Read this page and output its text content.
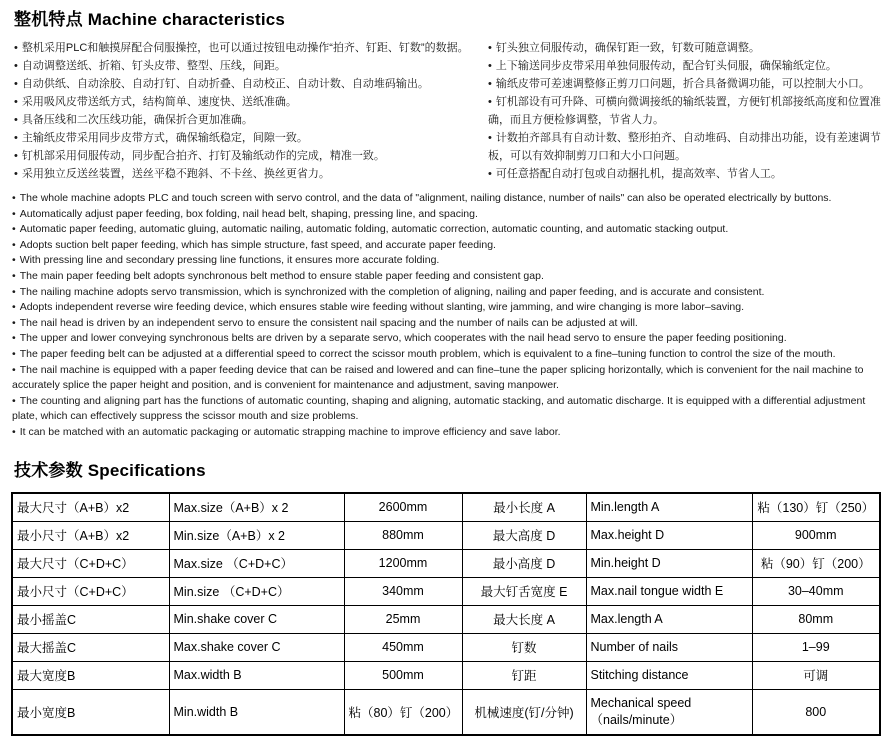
整机特点 Machine characteristics
• 整机采用PLC和触摸屏配合伺服操控，也可以通过按钮电动操作“拍齐、钉距、钉数”的数据。
• 自动调整送纸、折箱、钉头皮带、整型、压线，间距。
• 自动供纸、自动涂胶、自动打钉、自动折叠、自动校正、自动计数、自动堆码输出。
• 采用吸风皮带送纸方式，结构简单、速度快、送纸准确。
• 具备压线和二次压线功能，确保折合更加准确。
• 主输纸皮带采用同步皮带方式，确保输纸稳定，间隙一致。
• 钉机部采用伺服传动，同步配合拍齐、打钉及输纸动作的完成，精准一致。
• 采用独立反送丝装置，送丝平稳不跑斜、不卡丝、换丝更省力。
• 钉头独立伺服传动，确保钉距一致，钉数可随意调整。
• 上下输送同步皮带采用单独伺服传动，配合钉头伺服，确保输纸定位。
• 输纸皮带可差速调整修正剪刀口问题，折合具备微调功能，可以控制大小口。
• 钉机部设有可升降、可横向微调接纸的输纸装置，方便钉机部接纸高度和位置准确，而且方便检修调整，节省人力。
• 计数拍齐部具有自动计数、整形拍齐、自动堆码、自动排出功能，设有差速调节板，可以有效抑制剪刀口和大小口问题。
• 可任意搭配自动打包或自动捆扎机，提高效率、节省人工。
• The whole machine adopts PLC and touch screen with servo control, and the data of "alignment, nailing distance, number of nails" can also be operated electrically by buttons.
• Automatically adjust paper feeding, box folding, nail head belt, shaping, pressing line, and spacing.
• Automatic paper feeding, automatic gluing, automatic nailing, automatic folding, automatic correction, automatic counting, and automatic stacking output.
• Adopts suction belt paper feeding, which has simple structure, fast speed, and accurate paper feeding.
• With pressing line and secondary pressing line functions, it ensures more accurate folding.
• The main paper feeding belt adopts synchronous belt method to ensure stable paper feeding and consistent gap.
• The nailing machine adopts servo transmission, which is synchronized with the completion of aligning, nailing and paper feeding, and is accurate and consistent.
• Adopts independent reverse wire feeding device, which ensures stable wire feeding without slanting, wire jamming, and wire changing is more labor–saving.
• The nail head is driven by an independent servo to ensure the consistent nail spacing and the number of nails can be adjusted at will.
• The upper and lower conveying synchronous belts are driven by a separate servo, which cooperates with the nail head servo to ensure the paper feeding positioning.
• The paper feeding belt can be adjusted at a differential speed to correct the scissor mouth problem, which is equivalent to a fine–tuning function to control the size of the mouth.
• The nail machine is equipped with a paper feeding device that can be raised and lowered and can fine–tune the paper splicing horizontally, which is convenient for the nail machine to accurately splice the paper height and position, and is convenient for maintenance and adjustment, saving manpower.
• The counting and aligning part has the functions of automatic counting, shaping and aligning, automatic stacking, and automatic discharge. It is equipped with a differential adjustment plate, which can effectively suppress the scissor mouth and size problems.
• It can be matched with an automatic packaging or automatic strapping machine to improve efficiency and save labor.
技术参数 Specifications
最大尺寸（A+B）x2	Max.size（A+B）x 2	2600mm	最小长度 A	Min.length A	粘（130）钉（250）
最小尺寸（A+B）x2	Min.size（A+B）x 2	880mm	最大高度 D	Max.height D	900mm
最大尺寸（C+D+C）	Max.size （C+D+C）	1200mm	最小高度 D	Min.height D	粘（90）钉（200）
最小尺寸（C+D+C）	Min.size （C+D+C）	340mm	最大钉舌宽度 E	Max.nail tongue width E	30–40mm
最小摇盖C	Min.shake cover C	25mm	最大长度 A	Max.length A	80mm
最大摇盖C	Max.shake cover C	450mm	钉数	Number of nails	1–99
最大宽度B	Max.width B	500mm	钉距	Stitching distance	可调
最小宽度B	Min.width B	粘（80）钉（200）	机械速度(钉/分钟)	Mechanical speed（nails/minute）	800
